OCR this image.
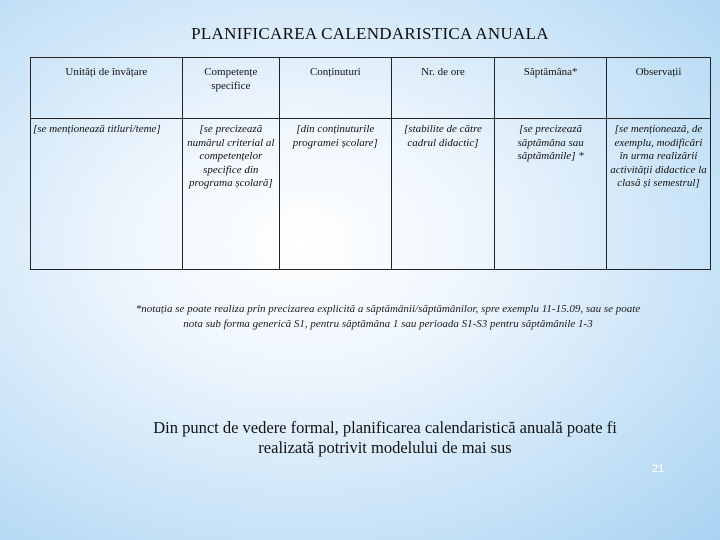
PLANIFICAREA CALENDARISTICA ANUALA
Unități de învățare	Competențe specifice	Conținuturi	Nr. de ore	Săptămâna*	Observații
[se menționează titluri/teme]	[se precizează numărul criterial al competențelor specifice din programa școlară]	[din conținuturile programei școlare]	[stabilite de către cadrul didactic]	[se precizează săptămâna sau săptămânile] *	[se menționează, de exemplu, modificări în urma realizării activității didactice la clasă și semestrul]
*notația se poate realiza prin precizarea explicită a săptămânii/săptămânilor, spre exemplu 11-15.09, sau se poate
nota sub forma generică S1, pentru săptămâna 1 sau perioada S1-S3 pentru săptămânile 1-3
Din punct de vedere formal, planificarea calendaristică anuală poate fi
realizată potrivit modelului de mai sus
21
